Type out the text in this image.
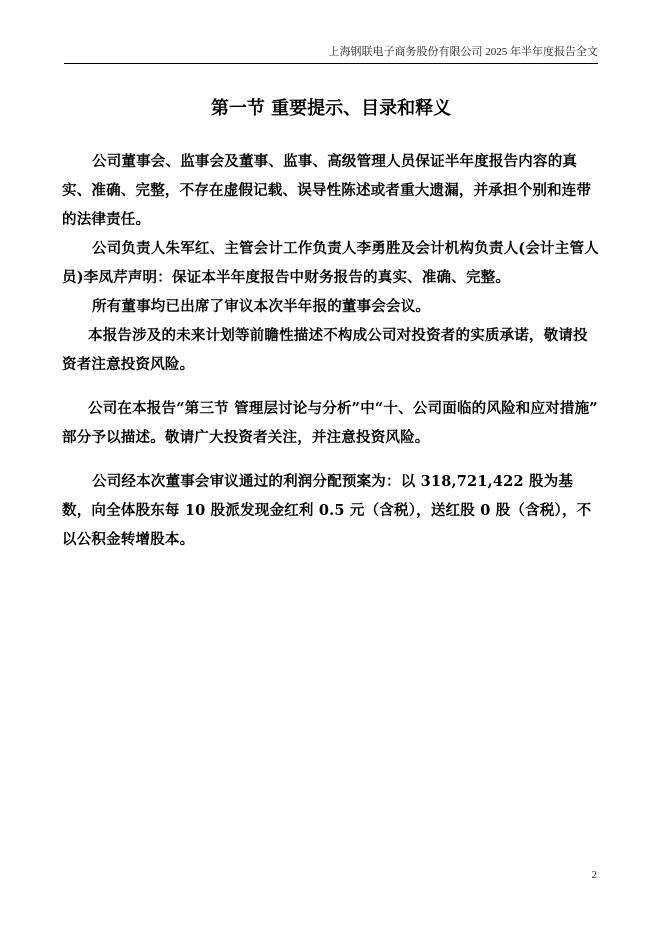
上海钢联电子商务股份有限公司 2025 年半年度报告全文
第一节 重要提示、目录和释义

公司董事会、监事会及董事、监事、高级管理人员保证半年度报告内容的真实、准确、完整，不存在虚假记载、误导性陈述或者重大遗漏，并承担个别和连带的法律责任。

公司负责人朱军红、主管会计工作负责人李勇胜及会计机构负责人(会计主管人员)李凤芹声明：保证本半年度报告中财务报告的真实、准确、完整。

所有董事均已出席了审议本次半年报的董事会会议。

本报告涉及的未来计划等前瞻性描述不构成公司对投资者的实质承诺，敬请投资者注意投资风险。

公司在本报告“第三节 管理层讨论与分析”中“十、公司面临的风险和应对措施” 部分予以描述。敬请广大投资者关注，并注意投资风险。

公司经本次董事会审议通过的利润分配预案为：以 318,721,422 股为基数，向全体股东每 10 股派发现金红利 0.5 元（含税），送红股 0 股（含税），不以公积金转增股本。

2
